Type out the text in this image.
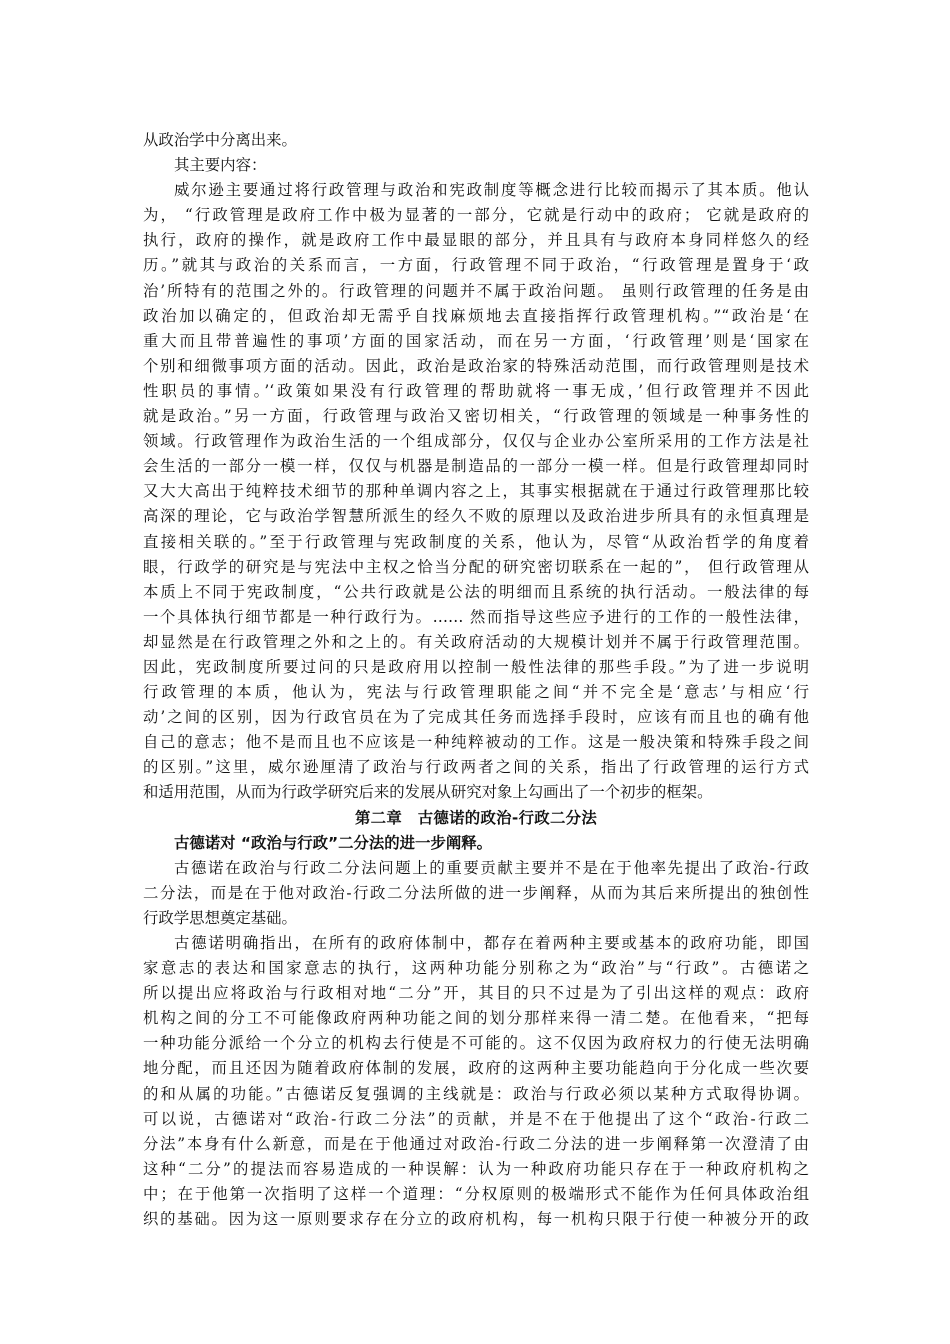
从政治学中分离出来。
其主要内容：
威尔逊主要通过将行政管理与政治和宪政制度等概念进行比较而揭示了其本质。他认
为， “行政管理是政府工作中极为显著的一部分，它就是行动中的政府； 它就是政府的
执行，政府的操作，就是政府工作中最显眼的部分，并且具有与政府本身同样悠久的经
历。”就其与政治的关系而言，一方面，行政管理不同于政治，“行政管理是置身于‘政
治’所特有的范围之外的。行政管理的问题并不属于政治问题。 虽则行政管理的任务是由
政治加以确定的，但政治却无需乎自找麻烦地去直接指挥行政管理机构。”“政治是‘在
重大而且带普遍性的事项’方面的国家活动，而在另一方面，‘行政管理’则是‘国家在
个别和细微事项方面的活动。因此，政治是政治家的特殊活动范围，而行政管理则是技术
性职员的事情。’‘政策如果没有行政管理的帮助就将一事无成，’但行政管理并不因此
就是政治。”另一方面，行政管理与政治又密切相关，“行政管理的领域是一种事务性的
领域。行政管理作为政治生活的一个组成部分，仅仅与企业办公室所采用的工作方法是社
会生活的一部分一模一样，仅仅与机器是制造品的一部分一模一样。但是行政管理却同时
又大大高出于纯粹技术细节的那种单调内容之上，其事实根据就在于通过行政管理那比较
高深的理论，它与政治学智慧所派生的经久不败的原理以及政治进步所具有的永恒真理是
直接相关联的。”至于行政管理与宪政制度的关系，他认为，尽管“从政治哲学的角度着
眼，行政学的研究是与宪法中主权之恰当分配的研究密切联系在一起的”， 但行政管理从
本质上不同于宪政制度，“公共行政就是公法的明细而且系统的执行活动。一般法律的每
一个具体执行细节都是一种行政行为。…… 然而指导这些应予进行的工作的一般性法律，
却显然是在行政管理之外和之上的。有关政府活动的大规模计划并不属于行政管理范围。
因此，宪政制度所要过问的只是政府用以控制一般性法律的那些手段。”为了进一步说明
行政管理的本质，他认为，宪法与行政管理职能之间“并不完全是‘意志’与相应‘行
动’之间的区别，因为行政官员在为了完成其任务而选择手段时，应该有而且也的确有他
自己的意志；他不是而且也不应该是一种纯粹被动的工作。这是一般决策和特殊手段之间
的区别。”这里，威尔逊厘清了政治与行政两者之间的关系，指出了行政管理的运行方式
和适用范围，从而为行政学研究后来的发展从研究对象上勾画出了一个初步的框架。
第二章　古德诺的政治-行政二分法
古德诺对 “政治与行政”二分法的进一步阐释。
古德诺在政治与行政二分法问题上的重要贡献主要并不是在于他率先提出了政治-行政
二分法，而是在于他对政治-行政二分法所做的进一步阐释，从而为其后来所提出的独创性
行政学思想奠定基础。
古德诺明确指出，在所有的政府体制中，都存在着两种主要或基本的政府功能，即国
家意志的表达和国家意志的执行，这两种功能分别称之为“政治”与“行政”。古德诺之
所以提出应将政治与行政相对地“二分”开，其目的只不过是为了引出这样的观点：政府
机构之间的分工不可能像政府两种功能之间的划分那样来得一清二楚。在他看来，“把每
一种功能分派给一个分立的机构去行使是不可能的。这不仅因为政府权力的行使无法明确
地分配，而且还因为随着政府体制的发展，政府的这两种主要功能趋向于分化成一些次要
的和从属的功能。”古德诺反复强调的主线就是：政治与行政必须以某种方式取得协调。
可以说，古德诺对“政治-行政二分法”的贡献，并是不在于他提出了这个“政治-行政二
分法”本身有什么新意，而是在于他通过对政治-行政二分法的进一步阐释第一次澄清了由
这种“二分”的提法而容易造成的一种误解：认为一种政府功能只存在于一种政府机构之
中；在于他第一次指明了这样一个道理：“分权原则的极端形式不能作为任何具体政治组
织的基础。因为这一原则要求存在分立的政府机构，每一机构只限于行使一种被分开的政
